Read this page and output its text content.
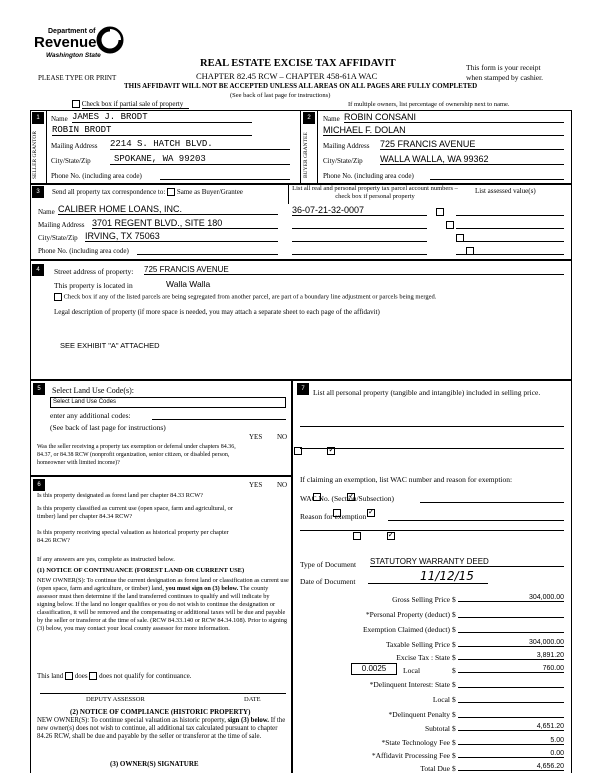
Department of
Revenue
Washington State
PLEASE TYPE OR PRINT
REAL ESTATE EXCISE TAX AFFIDAVIT
CHAPTER 82.45 RCW – CHAPTER 458-61A WAC
This form is your receipt
when stamped by cashier.
THIS AFFIDAVIT WILL NOT BE ACCEPTED UNLESS ALL AREAS ON ALL PAGES ARE FULLY COMPLETED
(See back of last page for instructions)
Check box if partial sale of property	If multiple owners, list percentage of ownership next to name.
1
SELLER GRANTOR
Name JAMES J. BRODT
ROBIN BRODT
Mailing Address 2214 S. HATCH BLVD.
City/State/Zip	SPOKANE, WA 99203
Phone No. (including area code)
2
BUYER GRANTEE
Name ROBIN CONSANI
MICHAEL F. DOLAN
Mailing Address 725 FRANCIS AVENUE
City/State/Zip WALLA WALLA, WA 99362
Phone No. (including area code)
3	Send all property tax correspondence to: Same as Buyer/Grantee	List all real and personal property tax parcel account numbers – check box if personal property
List assessed value(s)
Name CALIBER HOME LOANS, INC.
Mailing Address 3701 REGENT BLVD., SITE 180
City/State/Zip IRVING, TX 75063
Phone No. (including area code)
36-07-21-32-0007

4	Street address of property: 725 FRANCIS AVENUE
This property is located in	Walla Walla
Check box if any of the listed parcels are being segregated from another parcel, are part of a boundary line adjustment or parcels being merged.
Legal description of property (if more space is needed, you may attach a separate sheet to each page of the affidavit)
SEE EXHIBIT "A" ATTACHED
5	Select Land Use Code(s):
Select Land Use Codes
enter any additional codes:
(See back of last page for instructions)
YES NO
Was the seller receiving a property tax exemption or deferral under chapters 84.36, 84.37, or 84.38 RCW (nonprofit organization, senior citizen, or disabled person, homeowner with limited income)?
✓
6	YES NO
Is this property designated as forest land per chapter 84.33 RCW?
✓
Is this property classified as current use (open space, farm and agricultural, or timber) land per chapter 84.34 RCW?
✓
Is this property receiving special valuation as historical property per chapter 84.26 RCW?
✓
If any answers are yes, complete as instructed below.
(1) NOTICE OF CONTINUANCE (FOREST LAND OR CURRENT USE)
NEW OWNER(S): To continue the current designation as forest land or classification as current use (open space, farm and agriculture, or timber) land, you must sign on (3) below. The county assessor must then determine if the land transferred continues to qualify and will indicate by signing below. If the land no longer qualifies or you do not wish to continue the designation or classification, it will be removed and the compensating or additional taxes will be due and payable by the seller or transferor at the time of sale. (RCW 84.33.140 or RCW 84.34.108). Prior to signing (3) below, you may contact your local county assessor for more information.
This land does does not qualify for continuance.
DEPUTY ASSESSOR	DATE
(2) NOTICE OF COMPLIANCE (HISTORIC PROPERTY)
NEW OWNER(S): To continue special valuation as historic property, sign (3) below. If the new owner(s) does not wish to continue, all additional tax calculated pursuant to chapter 84.26 RCW, shall be due and payable by the seller or transferor at the time of sale.
(3) OWNER(S) SIGNATURE
7	List all personal property (tangible and intangible) included in selling price.
If claiming an exemption, list WAC number and reason for exemption:
WAC No. (Section/Subsection)
Reason for exemption
Type of Document STATUTORY WARRANTY DEED
Date of Document	11/12/15
Gross Selling Price $	304,000.00
*Personal Property (deduct) $
Exemption Claimed (deduct) $
Taxable Selling Price $	304,000.00
Excise Tax : State $	3,891.20
0.0025	Local	$	760.00
*Delinquent Interest: State $
Local $
*Delinquent Penalty $
Subtotal $	4,651.20
*State Technology Fee $	5.00
*Affidavit Processing Fee $	0.00
Total Due $	4,656.20
